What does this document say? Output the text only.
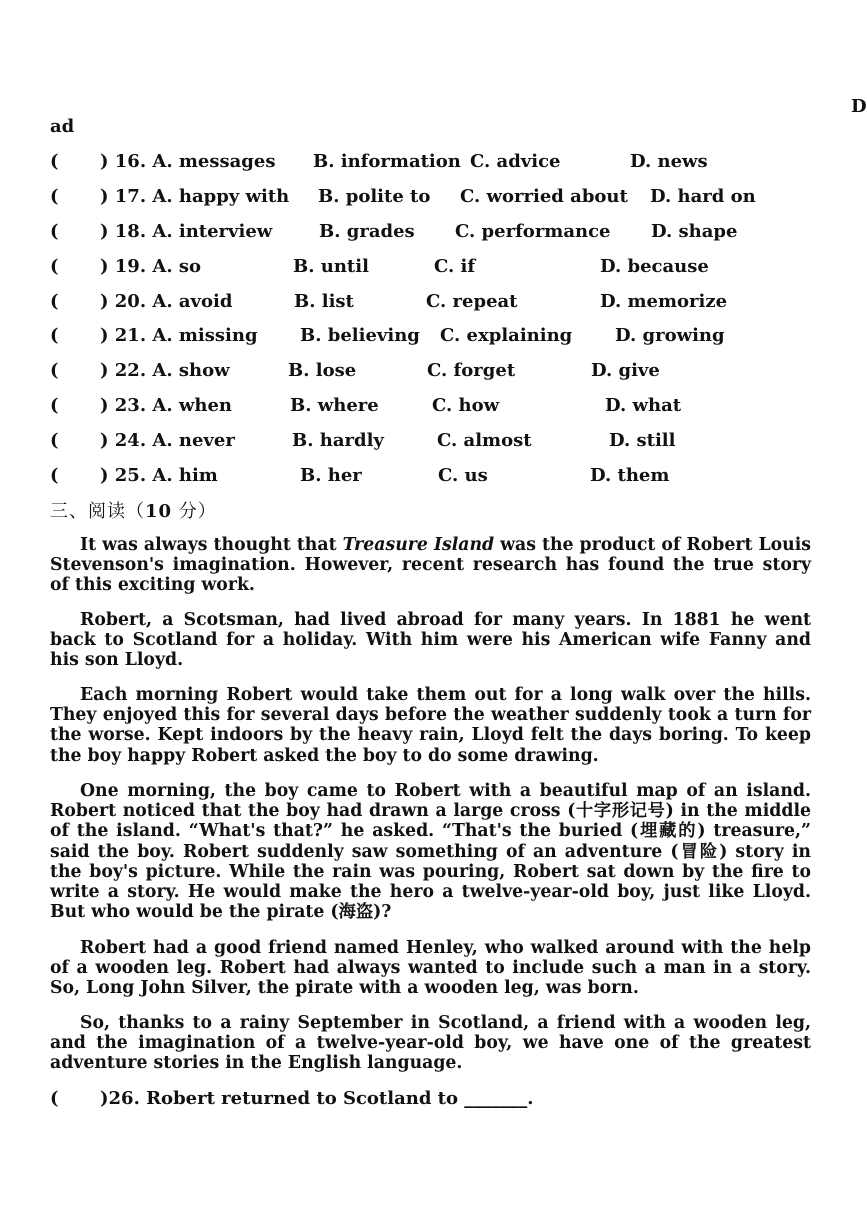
D
ad
( ) 16. A. messages B. information C. advice	D. news
( ) 17. A. happy with B. polite to C. worried about D. hard on
( ) 18. A. interview	B. grades C. performance D. shape
( ) 19. A. so	B. until	C. if	D. because
( ) 20. A. avoid	B. list	C. repeat	D. memorize
( ) 21. A. missing B. believing C. explaining D. growing
( ) 22. A. show	B. lose	C. forget	D. give
( ) 23. A. when	B. where	C. how	D. what
( ) 24. A. never	B. hardly	C. almost	D. still
( ) 25. A. him	B. her	C. us	D. them
三、阅读（10 分）

It was always thought that Treasure Island was the product of Robert Louis Stevenson's imagination. However, recent research has found the true story of this exciting work.

Robert, a Scotsman, had lived abroad for many years. In 1881 he went back to Scotland for a holiday. With him were his American wife Fanny and his son Lloyd.

Each morning Robert would take them out for a long walk over the hills. They enjoyed this for several days before the weather suddenly took a turn for the worse. Kept indoors by the heavy rain, Lloyd felt the days boring. To keep the boy happy Robert asked the boy to do some drawing.

One morning, the boy came to Robert with a beautiful map of an island. Robert noticed that the boy had drawn a large cross (十字形记号) in the middle of the island. “What's that?” he asked. “That's the buried (埋藏的) treasure,” said the boy. Robert suddenly saw something of an adventure (冒险) story in the boy's picture. While the rain was pouring, Robert sat down by the fire to write a story. He would make the hero a twelve-year-old boy, just like Lloyd. But who would be the pirate (海盗)?

Robert had a good friend named Henley, who walked around with the help of a wooden leg. Robert had always wanted to include such a man in a story. So, Long John Silver, the pirate with a wooden leg, was born.

So, thanks to a rainy September in Scotland, a friend with a wooden leg, and the imagination of a twelve-year-old boy, we have one of the greatest adventure stories in the English language.

( )26. Robert returned to Scotland to _______.
